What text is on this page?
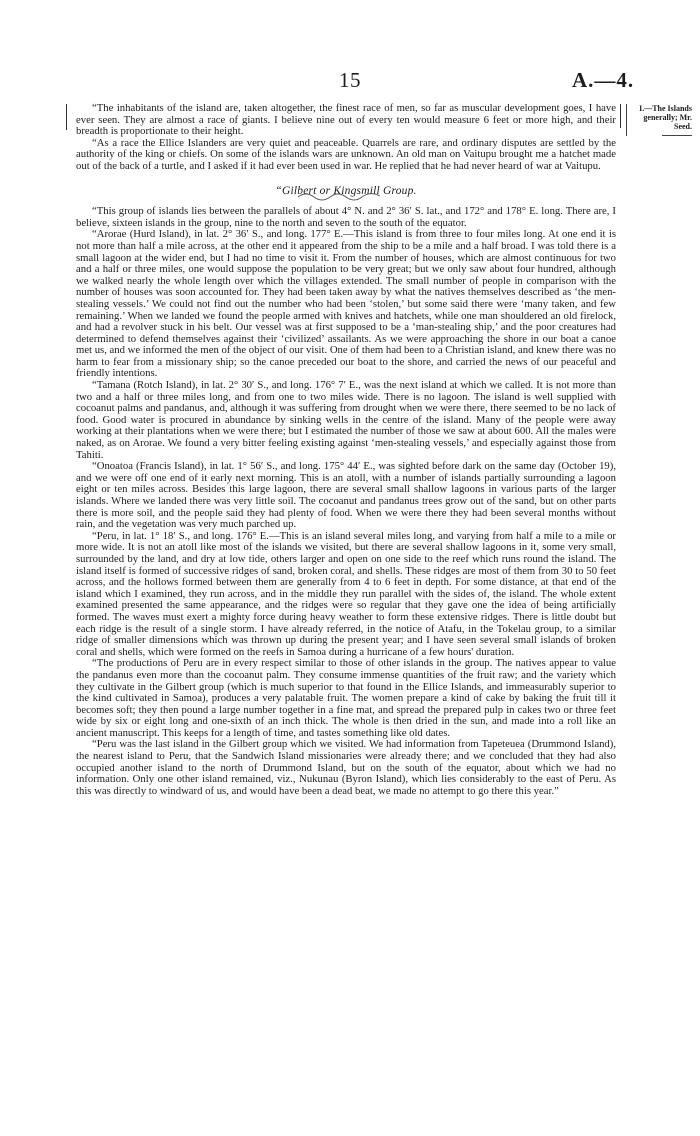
15	A.—4.
I.—The Islands generally; Mr. Seed.

“The inhabitants of the island are, taken altogether, the finest race of men, so far as muscular development goes, I have ever seen. They are almost a race of giants. I believe nine out of every ten would measure 6 feet or more high, and their breadth is proportionate to their height.

“As a race the Ellice Islanders are very quiet and peaceable. Quarrels are rare, and ordinary disputes are settled by the authority of the king or chiefs. On some of the islands wars are unknown. An old man on Vaitupu brought me a hatchet made out of the back of a turtle, and I asked if it had ever been used in war. He replied that he had never heard of war at Vaitupu.

“Gilbert or Kingsmill Group.

“This group of islands lies between the parallels of about 4° N. and 2° 36′ S. lat., and 172° and 178° E. long. There are, I believe, sixteen islands in the group, nine to the north and seven to the south of the equator.

“Arorae (Hurd Island), in lat. 2° 36′ S., and long. 177° E.—This island is from three to four miles long. At one end it is not more than half a mile across, at the other end it appeared from the ship to be a mile and a half broad. I was told there is a small lagoon at the wider end, but I had no time to visit it. From the number of houses, which are almost continuous for two and a half or three miles, one would suppose the population to be very great; but we only saw about four hundred, although we walked nearly the whole length over which the villages extended. The small number of people in comparison with the number of houses was soon accounted for. They had been taken away by what the natives themselves described as ‘the men-stealing vessels.’ We could not find out the number who had been ‘stolen,’ but some said there were ‘many taken, and few remaining.’ When we landed we found the people armed with knives and hatchets, while one man shouldered an old firelock, and had a revolver stuck in his belt. Our vessel was at first supposed to be a ‘man-stealing ship,’ and the poor creatures had determined to defend themselves against their ‘civilized’ assailants. As we were approaching the shore in our boat a canoe met us, and we informed the men of the object of our visit. One of them had been to a Christian island, and knew there was no harm to fear from a missionary ship; so the canoe preceded our boat to the shore, and carried the news of our peaceful and friendly intentions.

“Tamana (Rotch Island), in lat. 2° 30′ S., and long. 176° 7′ E., was the next island at which we called. It is not more than two and a half or three miles long, and from one to two miles wide. There is no lagoon. The island is well supplied with cocoanut palms and pandanus, and, although it was suffering from drought when we were there, there seemed to be no lack of food. Good water is procured in abundance by sinking wells in the centre of the island. Many of the people were away working at their plantations when we were there; but I estimated the number of those we saw at about 600. All the males were naked, as on Arorae. We found a very bitter feeling existing against ‘men-stealing vessels,’ and especially against those from Tahiti.

“Onoatoa (Francis Island), in lat. 1° 56′ S., and long. 175° 44′ E., was sighted before dark on the same day (October 19), and we were off one end of it early next morning. This is an atoll, with a number of islands partially surrounding a lagoon eight or ten miles across. Besides this large lagoon, there are several small shallow lagoons in various parts of the larger islands. Where we landed there was very little soil. The cocoanut and pandanus trees grow out of the sand, but on other parts there is more soil, and the people said they had plenty of food. When we were there they had been several months without rain, and the vegetation was very much parched up.

“Peru, in lat. 1° 18′ S., and long. 176° E.—This is an island several miles long, and varying from half a mile to a mile or more wide. It is not an atoll like most of the islands we visited, but there are several shallow lagoons in it, some very small, surrounded by the land, and dry at low tide, others larger and open on one side to the reef which runs round the island. The island itself is formed of successive ridges of sand, broken coral, and shells. These ridges are most of them from 30 to 50 feet across, and the hollows formed between them are generally from 4 to 6 feet in depth. For some distance, at that end of the island which I examined, they run across, and in the middle they run parallel with the sides of, the island. The whole extent examined presented the same appearance, and the ridges were so regular that they gave one the idea of being artificially formed. The waves must exert a mighty force during heavy weather to form these extensive ridges. There is little doubt but each ridge is the result of a single storm. I have already referred, in the notice of Atafu, in the Tokelau group, to a similar ridge of smaller dimensions which was thrown up during the present year; and I have seen several small islands of broken coral and shells, which were formed on the reefs in Samoa during a hurricane of a few hours' duration.

“The productions of Peru are in every respect similar to those of other islands in the group. The natives appear to value the pandanus even more than the cocoanut palm. They consume immense quantities of the fruit raw; and the variety which they cultivate in the Gilbert group (which is much superior to that found in the Ellice Islands, and immeasurably superior to the kind cultivated in Samoa), produces a very palatable fruit. The women prepare a kind of cake by baking the fruit till it becomes soft; they then pound a large number together in a fine mat, and spread the prepared pulp in cakes two or three feet wide by six or eight long and one-sixth of an inch thick. The whole is then dried in the sun, and made into a roll like an ancient manuscript. This keeps for a length of time, and tastes something like old dates.

“Peru was the last island in the Gilbert group which we visited. We had information from Tapeteuea (Drummond Island), the nearest island to Peru, that the Sandwich Island missionaries were already there; and we concluded that they had also occupied another island to the north of Drummond Island, but on the south of the equator, about which we had no information. Only one other island remained, viz., Nukunau (Byron Island), which lies considerably to the east of Peru. As this was directly to windward of us, and would have been a dead beat, we made no attempt to go there this year.”
